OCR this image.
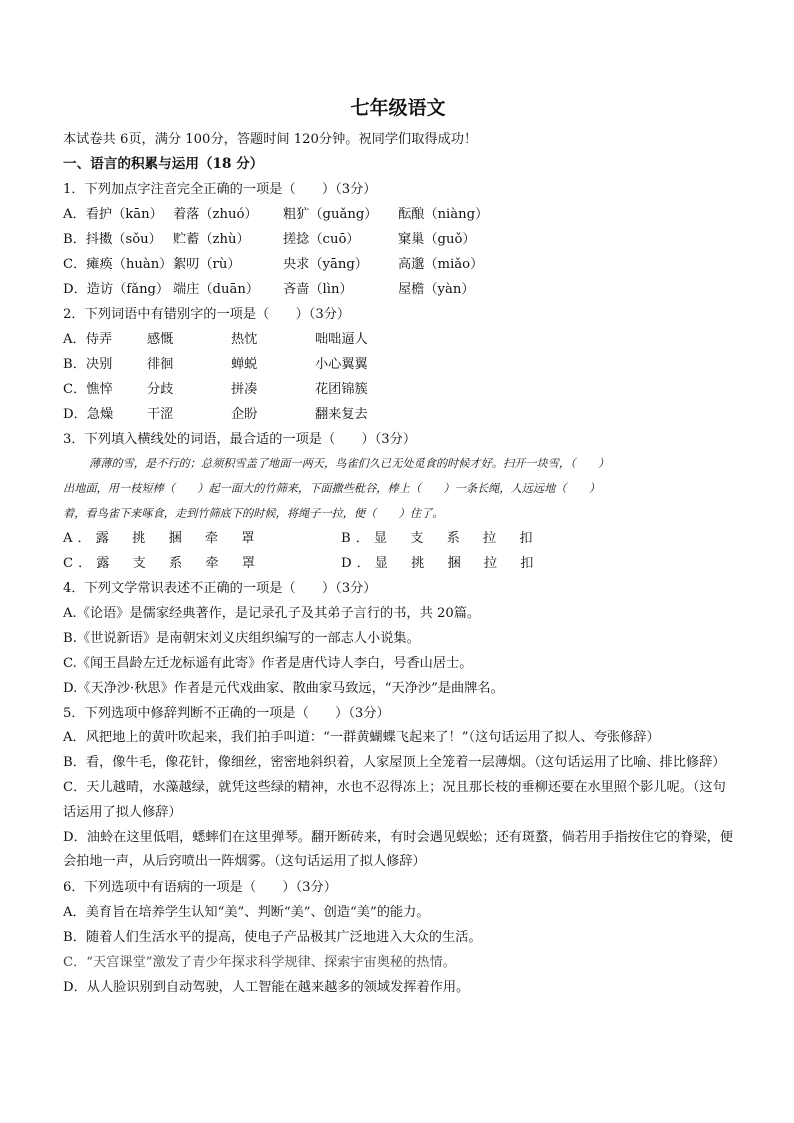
七年级语文
本试卷共 6页，满分 100分，答题时间 120分钟。祝同学们取得成功！
一、语言的积累与运用（18 分）
1．下列加点字注音完全正确的一项是（　　）（3分）
A．看护（kān） 着落（zhuó）	粗犷（guǎng）	酝酿（niàng）
B．抖擞（sǒu） 贮蓄（zhù）	搓捻（cuō）	窠巢（guǒ）
C．瘫痪（huàn） 絮叨（rù）	央求（yāng）	高邈（miǎo）
D．造访（fǎng） 端庄（duān）	吝啬（lìn）	屋檐（yàn）
2．下列词语中有错别字的一项是（　　）（3分）
A．侍弄	感慨	热忱	咄咄逼人
B．决别	徘徊	蝉蜕	小心翼翼
C．憔悴	分歧	拼凑	花团锦簇
D．急燥	干涩	企盼	翻来复去
3．下列填入横线处的词语，最合适的一项是（　　）（3分）
薄薄的雪，是不行的；总须积雪盖了地面一两天，鸟雀们久已无处觅食的时候才好。扫开一块雪，（　　）
出地面，用一枝短棒（　　）起一面大的竹筛来，下面撒些秕谷，棒上（　　）一条长绳，人远远地（　　）
着，看鸟雀下来啄食，走到竹筛底下的时候，将绳子一拉，便（　　）住了。
A．露　挑　捆　牵　罩	B．显　支　系　拉　扣
C．露　支　系　牵　罩	D．显　挑　捆　拉　扣
4．下列文学常识表述不正确的一项是（　　）（3分）
A.《论语》是儒家经典著作，是记录孔子及其弟子言行的书，共 20篇。
B.《世说新语》是南朝宋刘义庆组织编写的一部志人小说集。
C.《闻王昌龄左迁龙标遥有此寄》作者是唐代诗人李白，号香山居士。
D.《天净沙·秋思》作者是元代戏曲家、散曲家马致远，“天净沙”是曲牌名。
5．下列选项中修辞判断不正确的一项是（　　）（3分）
A．风把地上的黄叶吹起来，我们拍手叫道：“一群黄蝴蝶飞起来了！”（这句话运用了拟人、夸张修辞）
B．看，像牛毛，像花针，像细丝，密密地斜织着，人家屋顶上全笼着一层薄烟。（这句话运用了比喻、排比修辞）
C．天儿越晴，水藻越绿，就凭这些绿的精神，水也不忍得冻上；况且那长枝的垂柳还要在水里照个影儿呢。（这句话运用了拟人修辞）
D．油蛉在这里低唱，蟋蟀们在这里弹琴。翻开断砖来，有时会遇见蜈蚣；还有斑蝥，倘若用手指按住它的脊梁，便会拍地一声，从后窍喷出一阵烟雾。（这句话运用了拟人修辞）
6．下列选项中有语病的一项是（　　）（3分）
A．美育旨在培养学生认知“美”、判断“美”、创造“美”的能力。
B．随着人们生活水平的提高，使电子产品极其广泛地进入大众的生活。
C．“天宫课堂”激发了青少年探求科学规律、探索宇宙奥秘的热情。
D．从人脸识别到自动驾驶，人工智能在越来越多的领域发挥着作用。
